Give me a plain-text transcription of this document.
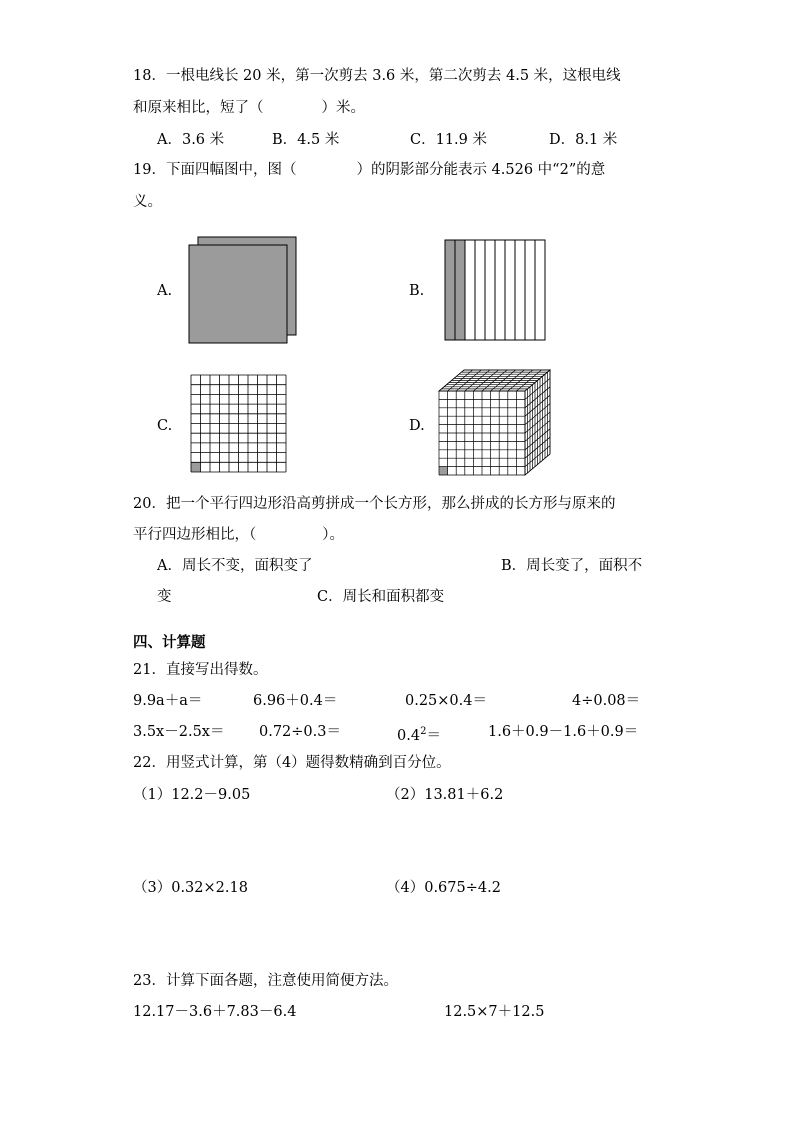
18．一根电线长 20 米，第一次剪去 3.6 米，第二次剪去 4.5 米，这根电线
和原来相比，短了（	）米。
A．3.6 米	B．4.5 米	C．11.9 米	D．8.1 米
19．下面四幅图中，图（	）的阴影部分能表示 4.526 中“2”的意
义。
A.	B.
C.	D.
20．把一个平行四边形沿高剪拼成一个长方形，那么拼成的长方形与原来的
平行四边形相比，（	）。
A．周长不变，面积变了	B．周长变了，面积不
变	C．周长和面积都变
四、计算题
21．直接写出得数。
9.9a＋a＝	6.96＋0.4＝	0.25×0.4＝	4÷0.08＝
3.5x－2.5x＝ 0.72÷0.3＝	$0.4^2=$	1.6＋0.9－1.6＋0.9＝
22．用竖式计算，第（4）题得数精确到百分位。
（1）12.2－9.05	（2）13.81＋6.2
（3）0.32×2.18	（4）0.675÷4.2
23．计算下面各题，注意使用简便方法。
12.17－3.6＋7.83－6.4	12.5×7＋12.5
